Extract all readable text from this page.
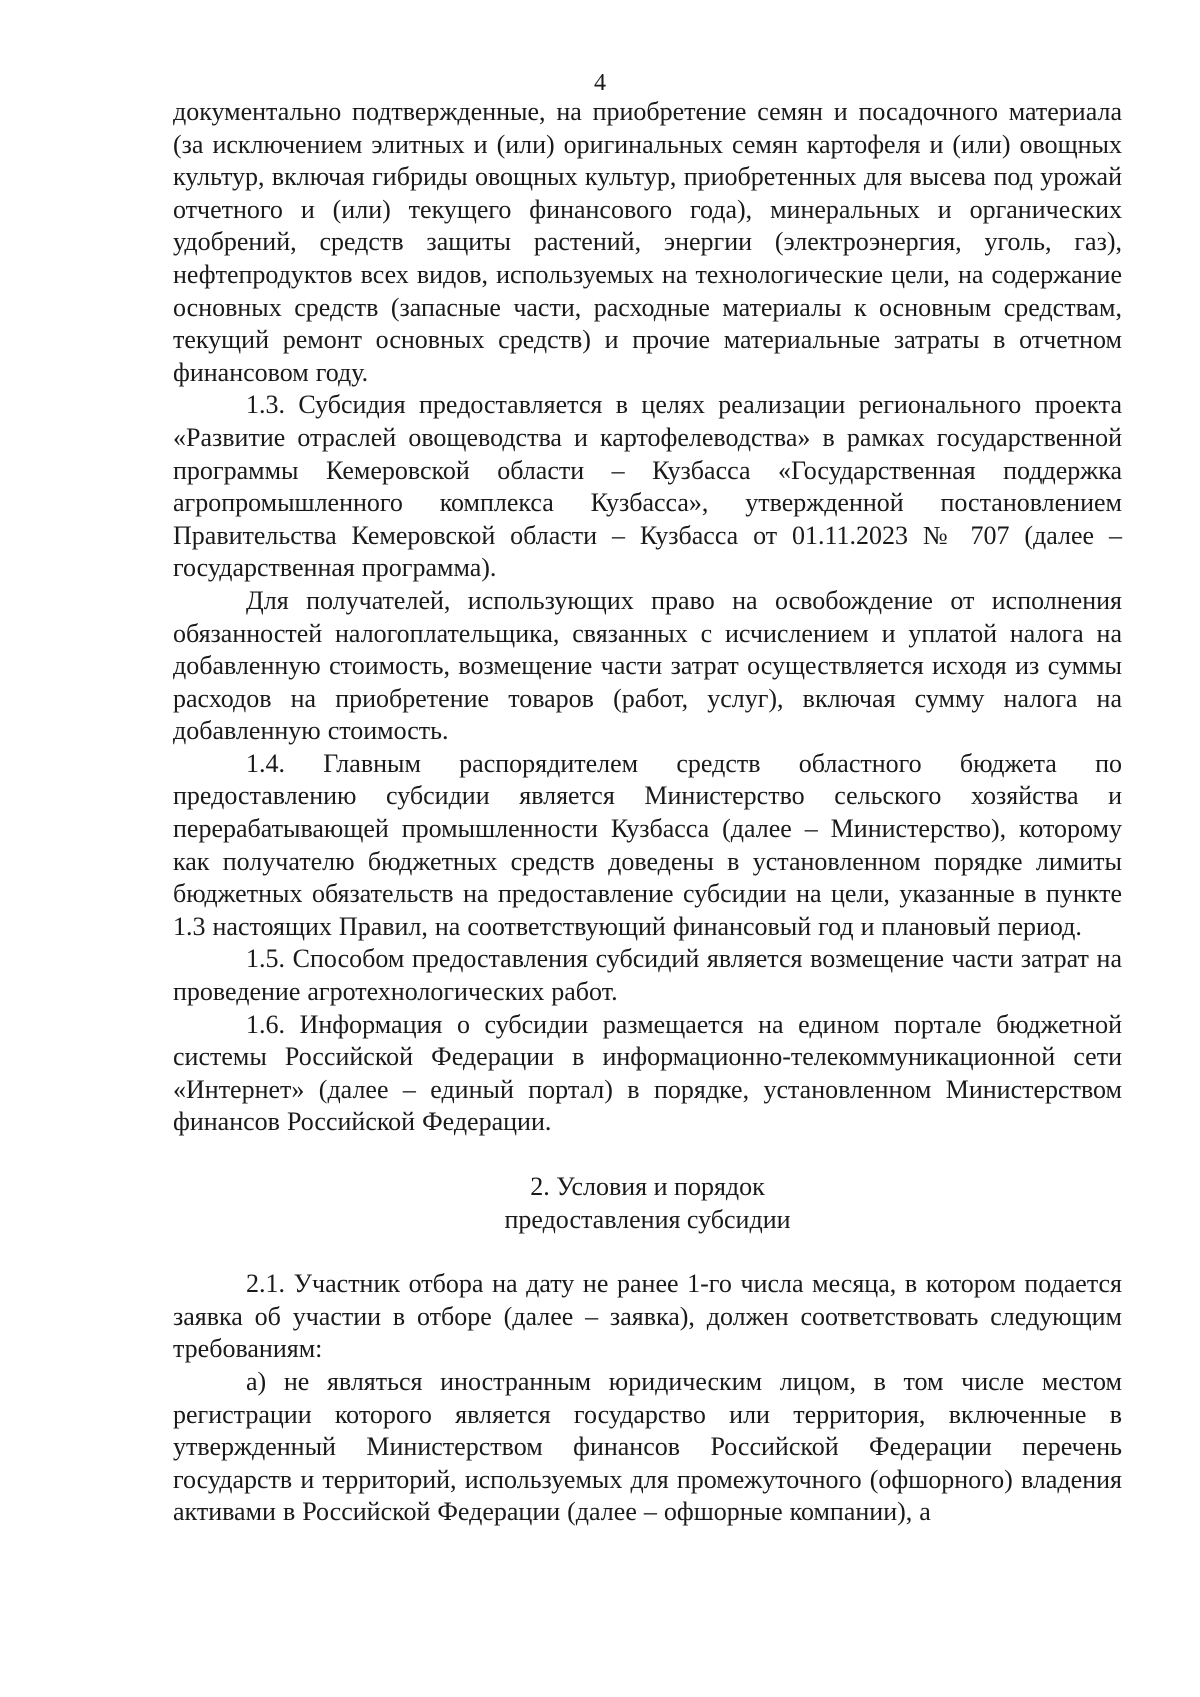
4

документально подтвержденные, на приобретение семян и посадочного материала (за исключением элитных и (или) оригинальных семян картофеля и (или) овощных культур, включая гибриды овощных культур, приобретенных для высева под урожай отчетного и (или) текущего финансового года), минеральных и органических удобрений, средств защиты растений, энергии (электроэнергия, уголь, газ), нефтепродуктов всех видов, используемых на технологические цели, на содержание основных средств (запасные части, расходные материалы к основным средствам, текущий ремонт основных средств) и прочие материальные затраты в отчетном финансовом году.

1.3. Субсидия предоставляется в целях реализации регионального проекта «Развитие отраслей овощеводства и картофелеводства» в рамках государственной программы Кемеровской области – Кузбасса «Государственная поддержка агропромышленного комплекса Кузбасса», утвержденной постановлением Правительства Кемеровской области – Кузбасса от 01.11.2023 № 707 (далее – государственная программа).

Для получателей, использующих право на освобождение от исполнения обязанностей налогоплательщика, связанных с исчислением и уплатой налога на добавленную стоимость, возмещение части затрат осуществляется исходя из суммы расходов на приобретение товаров (работ, услуг), включая сумму налога на добавленную стоимость.

1.4. Главным распорядителем средств областного бюджета по предоставлению субсидии является Министерство сельского хозяйства и перерабатывающей промышленности Кузбасса (далее – Министерство), которому как получателю бюджетных средств доведены в установленном порядке лимиты бюджетных обязательств на предоставление субсидии на цели, указанные в пункте 1.3 настоящих Правил, на соответствующий финансовый год и плановый период.

1.5. Способом предоставления субсидий является возмещение части затрат на проведение агротехнологических работ.

1.6. Информация о субсидии размещается на едином портале бюджетной системы Российской Федерации в информационно-телекоммуникационной сети «Интернет» (далее – единый портал) в порядке, установленном Министерством финансов Российской Федерации.

2. Условия и порядок

предоставления субсидии

2.1. Участник отбора на дату не ранее 1-го числа месяца, в котором подается заявка об участии в отборе (далее – заявка), должен соответствовать следующим требованиям:

а) не являться иностранным юридическим лицом, в том числе местом регистрации которого является государство или территория, включенные в утвержденный Министерством финансов Российской Федерации перечень государств и территорий, используемых для промежуточного (офшорного) владения активами в Российской Федерации (далее – офшорные компании), а
